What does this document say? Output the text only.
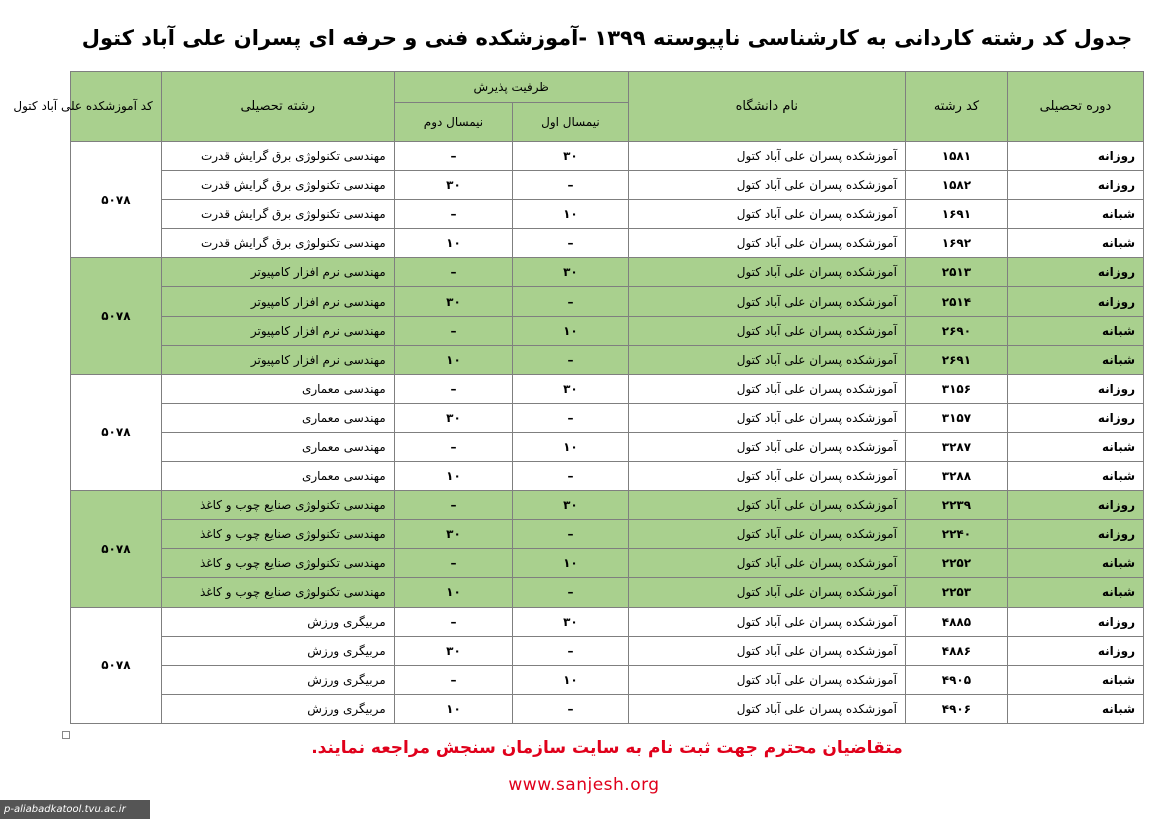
جدول کد رشته کاردانی به کارشناسی ناپیوسته ۱۳۹۹ -آموزشکده فنی و حرفه ای پسران علی آباد کتول
دوره تحصیلی	کد رشته	نام دانشگاه	ظرفیت پذیرش		رشته تحصیلی	کد آموزشکده علی آباد کتول
			نیمسال اول	نیمسال دوم		
روزانه	۱۵۸۱	آموزشکده پسران علی آباد کتول	۳۰	–	مهندسی تکنولوژی برق گرایش قدرت	۵۰۷۸
روزانه	۱۵۸۲	آموزشکده پسران علی آباد کتول	–	۳۰	مهندسی تکنولوژی برق گرایش قدرت	
شبانه	۱۶۹۱	آموزشکده پسران علی آباد کتول	۱۰	–	مهندسی تکنولوژی برق گرایش قدرت	
شبانه	۱۶۹۲	آموزشکده پسران علی آباد کتول	–	۱۰	مهندسی تکنولوژی برق گرایش قدرت	
روزانه	۲۵۱۳	آموزشکده پسران علی آباد کتول	۳۰	–	مهندسی نرم افزار کامپیوتر	۵۰۷۸
روزانه	۲۵۱۴	آموزشکده پسران علی آباد کتول	–	۳۰	مهندسی نرم افزار کامپیوتر	
شبانه	۲۶۹۰	آموزشکده پسران علی آباد کتول	۱۰	–	مهندسی نرم افزار کامپیوتر	
شبانه	۲۶۹۱	آموزشکده پسران علی آباد کتول	–	۱۰	مهندسی نرم افزار کامپیوتر	
روزانه	۳۱۵۶	آموزشکده پسران علی آباد کتول	۳۰	–	مهندسی معماری	۵۰۷۸
روزانه	۳۱۵۷	آموزشکده پسران علی آباد کتول	–	۳۰	مهندسی معماری	
شبانه	۳۲۸۷	آموزشکده پسران علی آباد کتول	۱۰	–	مهندسی معماری	
شبانه	۳۲۸۸	آموزشکده پسران علی آباد کتول	–	۱۰	مهندسی معماری	
روزانه	۲۲۳۹	آموزشکده پسران علی آباد کتول	۳۰	–	مهندسی تکنولوژی صنایع چوب و کاغذ	۵۰۷۸
روزانه	۲۲۴۰	آموزشکده پسران علی آباد کتول	–	۳۰	مهندسی تکنولوژی صنایع چوب و کاغذ	
شبانه	۲۲۵۲	آموزشکده پسران علی آباد کتول	۱۰	–	مهندسی تکنولوژی صنایع چوب و کاغذ	
شبانه	۲۲۵۳	آموزشکده پسران علی آباد کتول	–	۱۰	مهندسی تکنولوژی صنایع چوب و کاغذ	
روزانه	۴۸۸۵	آموزشکده پسران علی آباد کتول	۳۰	–	مربیگری ورزش	۵۰۷۸
روزانه	۴۸۸۶	آموزشکده پسران علی آباد کتول	–	۳۰	مربیگری ورزش	
شبانه	۴۹۰۵	آموزشکده پسران علی آباد کتول	۱۰	–	مربیگری ورزش	
شبانه	۴۹۰۶	آموزشکده پسران علی آباد کتول	–	۱۰	مربیگری ورزش	
متقاضیان محترم جهت ثبت نام به سایت سازمان سنجش مراجعه نمایند.
www.sanjesh.org
p-aliabadkatool.tvu.ac.ir
